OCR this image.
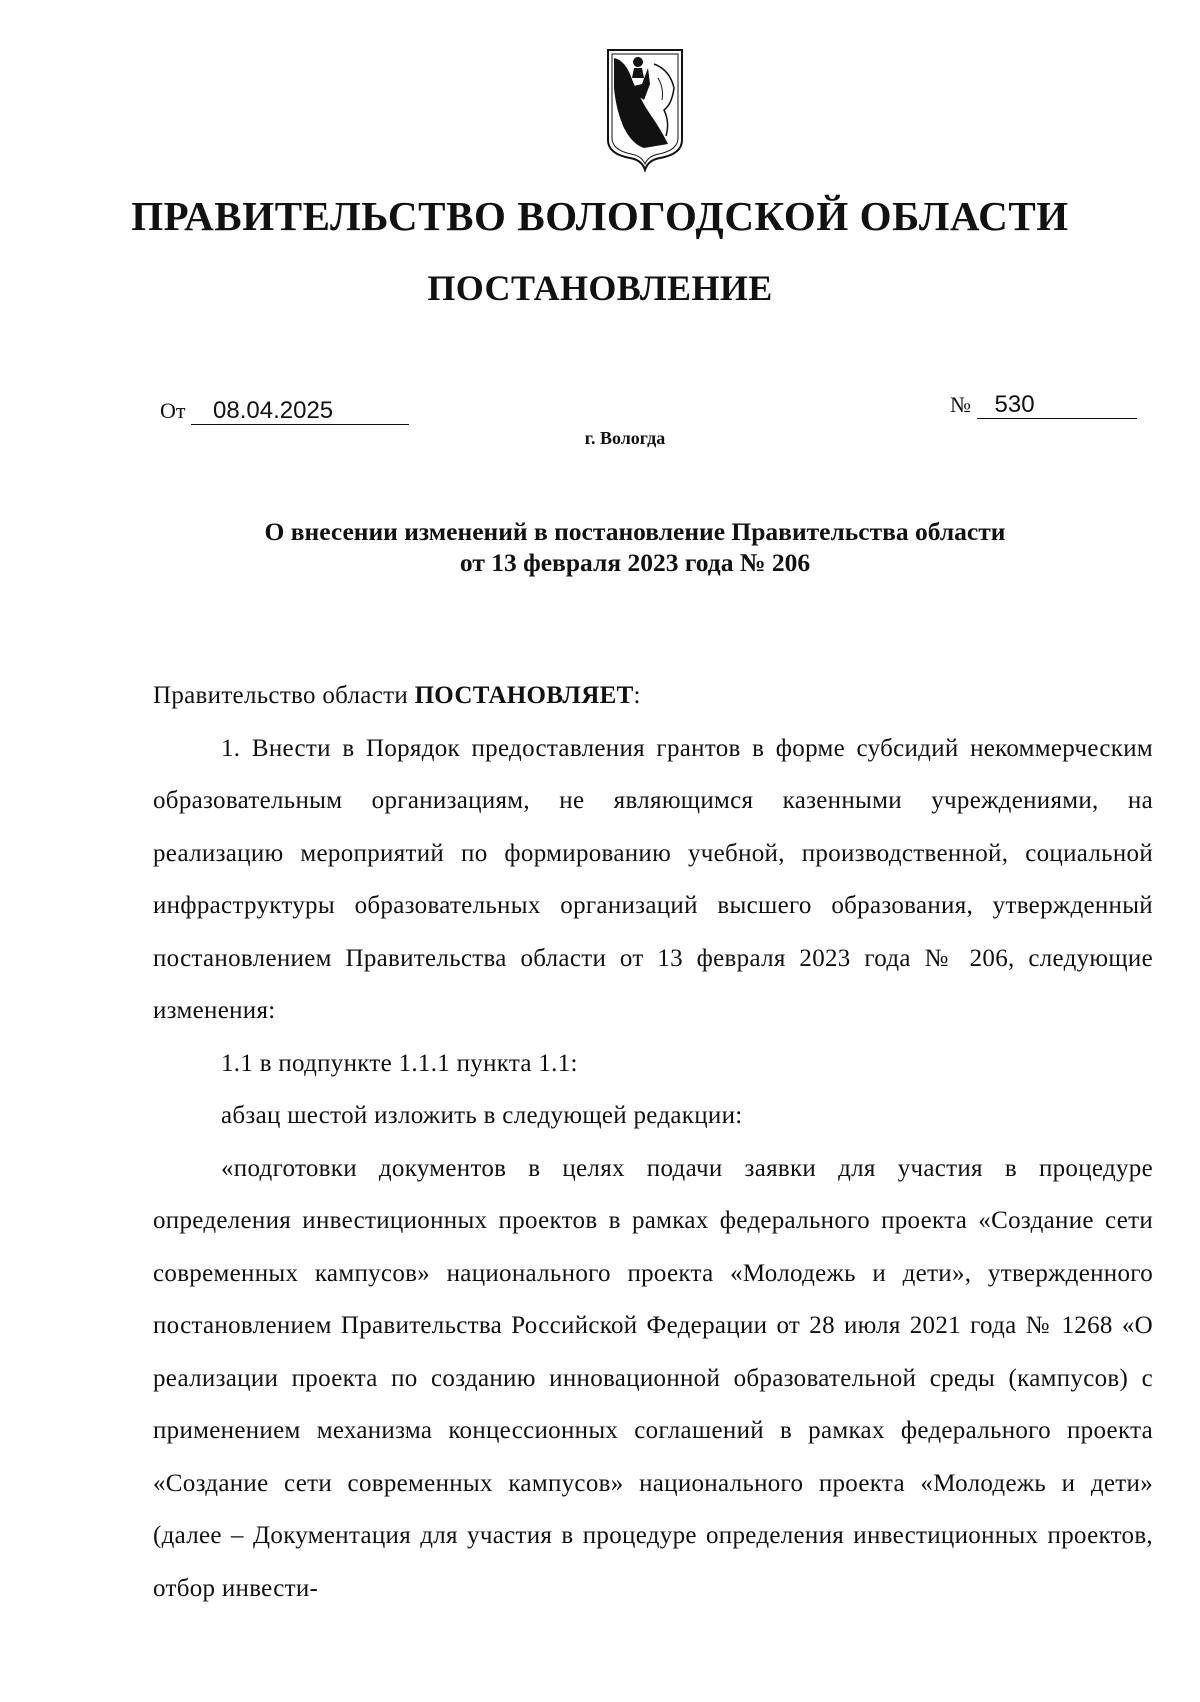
ПРАВИТЕЛЬСТВО ВОЛОГОДСКОЙ ОБЛАСТИ
ПОСТАНОВЛЕНИЕ
От 08.04.2025	№ 530
г. Вологда
О внесении изменений в постановление Правительства области
от 13 февраля 2023 года № 206

Правительство области ПОСТАНОВЛЯЕТ:

1. Внести в Порядок предоставления грантов в форме субсидий некоммерческим образовательным организациям, не являющимся казенными учреждениями, на реализацию мероприятий по формированию учебной, производственной, социальной инфраструктуры образовательных организаций высшего образования, утвержденный постановлением Правительства области от 13 февраля 2023 года № 206, следующие изменения:

1.1 в подпункте 1.1.1 пункта 1.1:

абзац шестой изложить в следующей редакции:

«подготовки документов в целях подачи заявки для участия в процедуре определения инвестиционных проектов в рамках федерального проекта «Создание сети современных кампусов» национального проекта «Молодежь и дети», утвержденного постановлением Правительства Российской Федерации от 28 июля 2021 года № 1268 «О реализации проекта по созданию инновационной образовательной среды (кампусов) с применением механизма концессионных соглашений в рамках федерального проекта «Создание сети современных кампусов» национального проекта «Молодежь и дети» (далее – Документация для участия в процедуре определения инвестиционных проектов, отбор инвести-
